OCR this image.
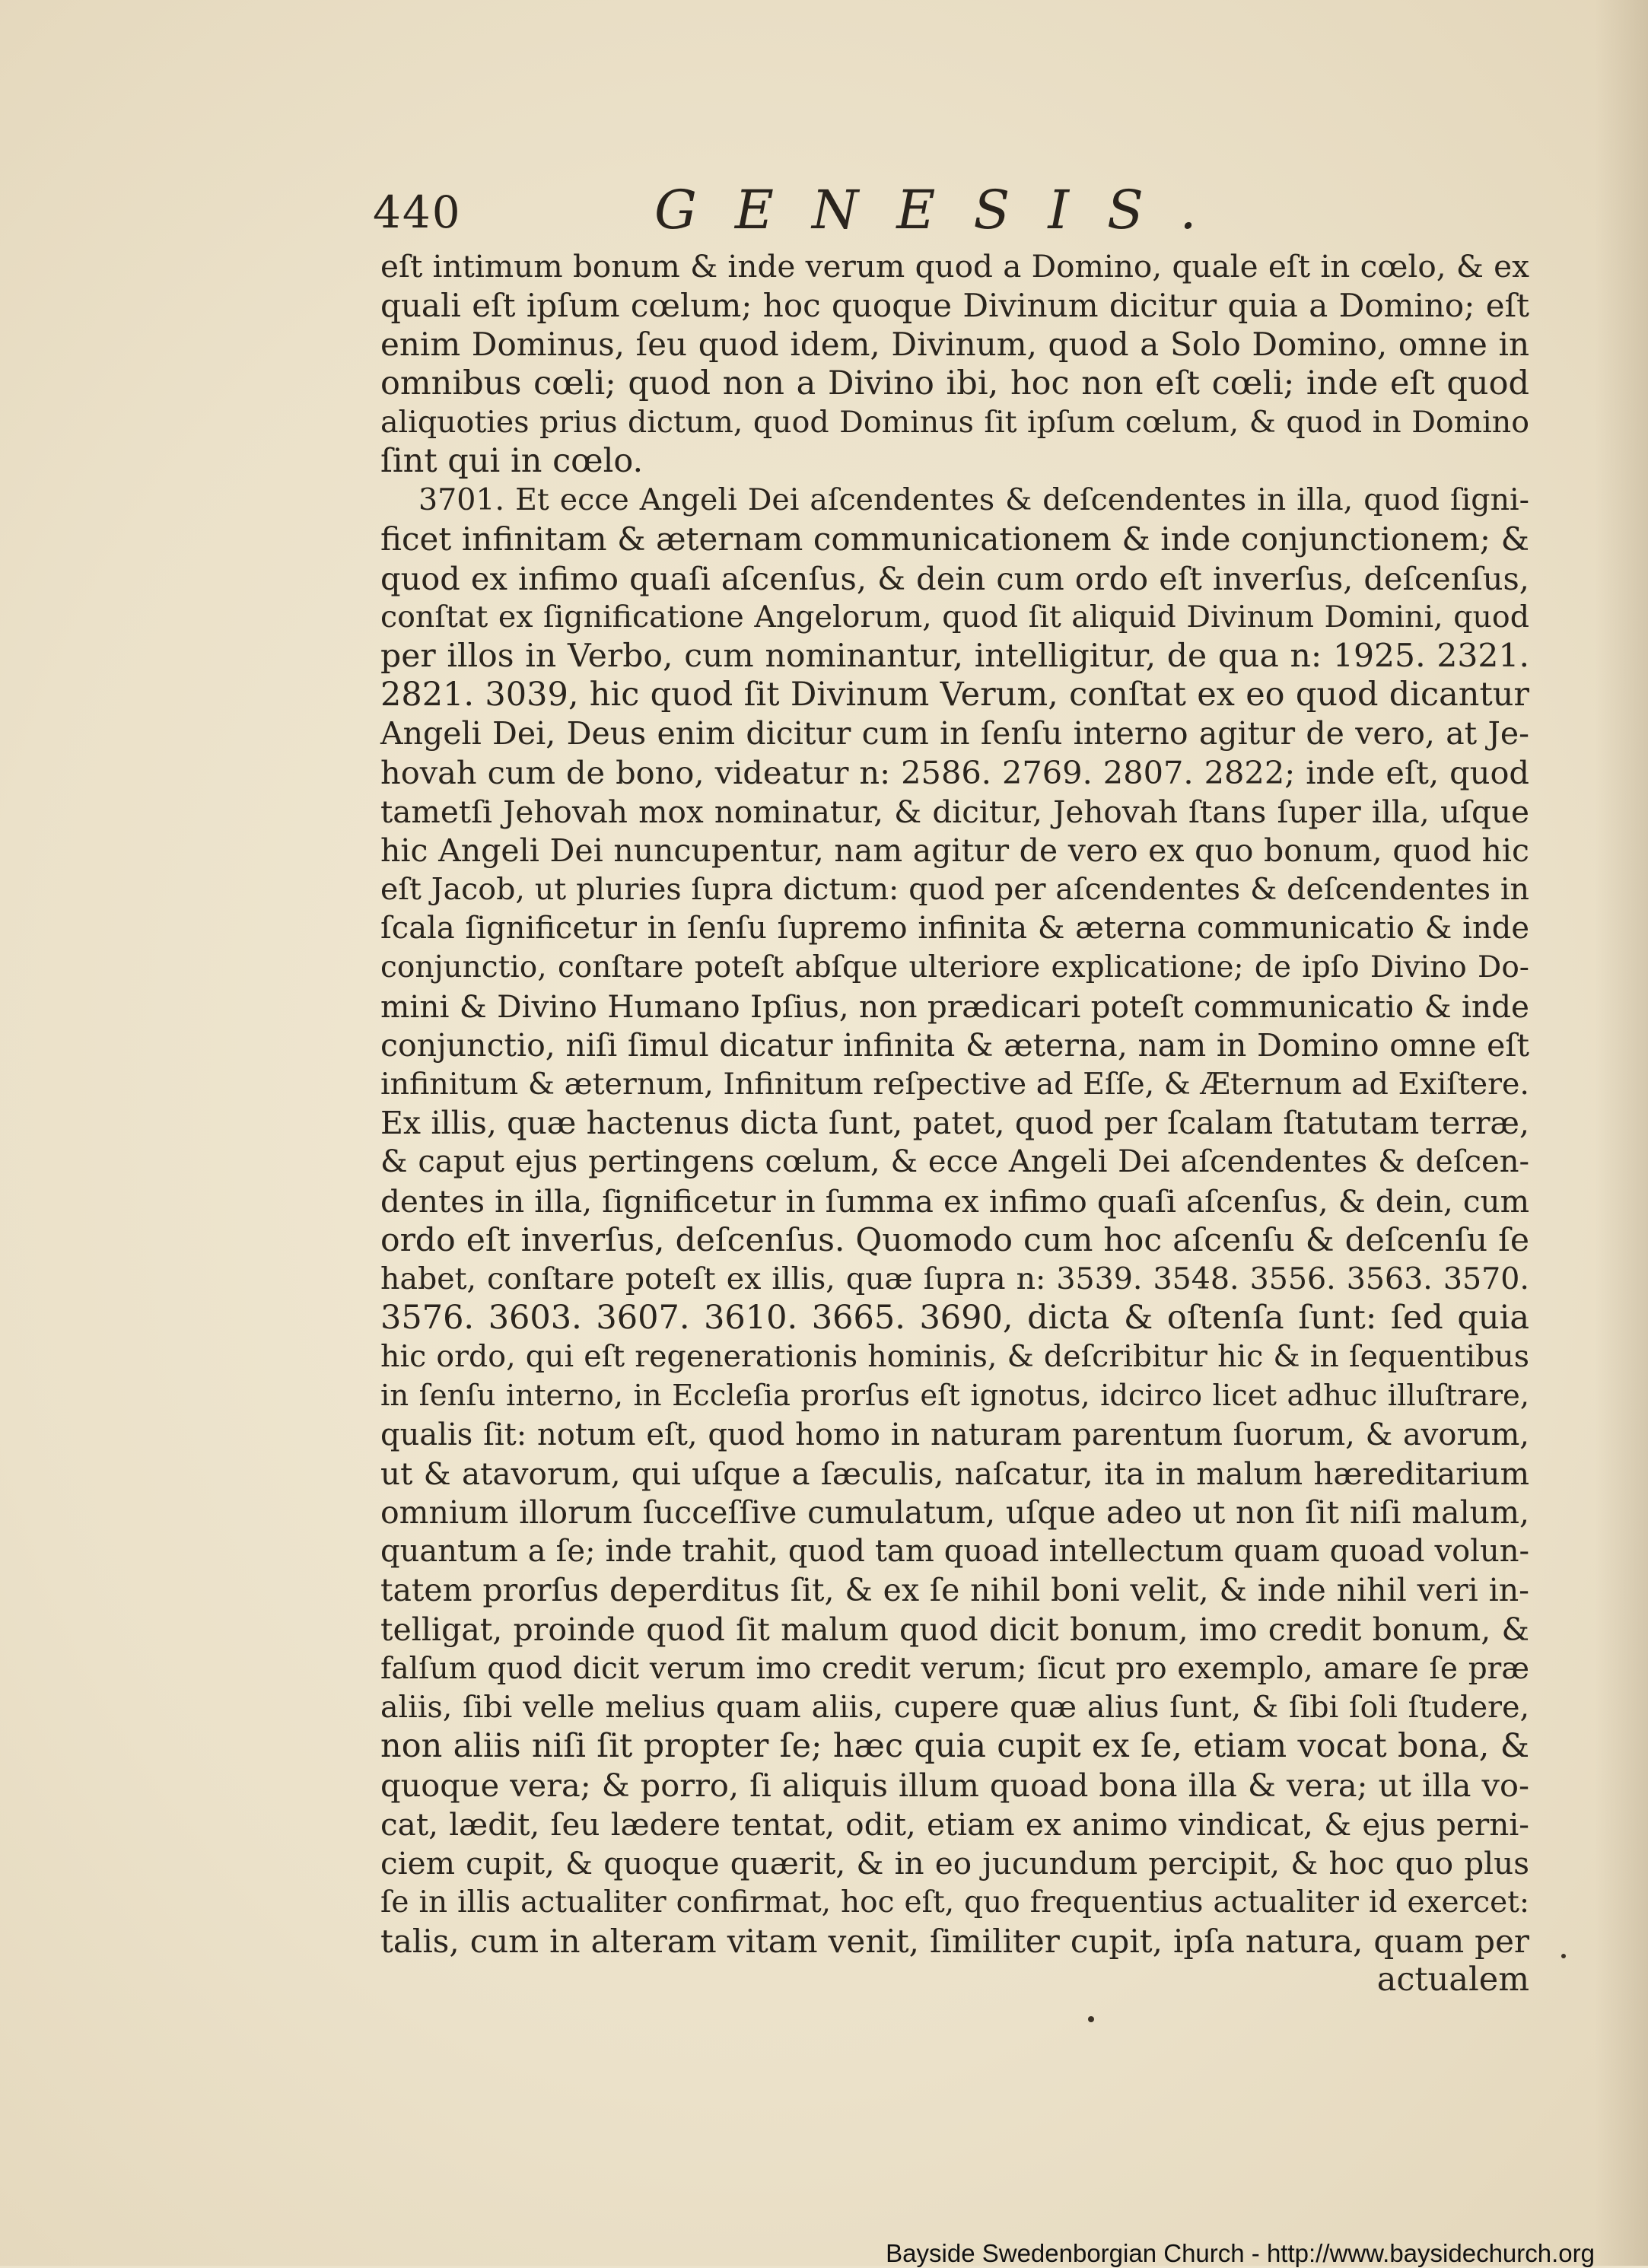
440	GENESIS.
eſt intimum bonum & inde verum quod a Domino, quale eſt in cœlo, & ex
quali eſt ipſum cœlum; hoc quoque Divinum dicitur quia a Domino; eſt
enim Dominus, ſeu quod idem, Divinum, quod a Solo Domino, omne in
omnibus cœli; quod non a Divino ibi, hoc non eſt cœli; inde eſt quod
aliquoties prius dictum, quod Dominus ſit ipſum cœlum, & quod in Domino
ſint qui in cœlo.
3701. Et ecce Angeli Dei aſcendentes & deſcendentes in illa, quod ſigni-
ficet infinitam & æternam communicationem & inde conjunctionem; &
quod ex infimo quaſi aſcenſus, & dein cum ordo eſt inverſus, deſcenſus,
conſtat ex ſignificatione Angelorum, quod ſit aliquid Divinum Domini, quod
per illos in Verbo, cum nominantur, intelligitur, de qua n: 1925. 2321.
2821. 3039, hic quod ſit Divinum Verum, conſtat ex eo quod dicantur
Angeli Dei, Deus enim dicitur cum in ſenſu interno agitur de vero, at Je-
hovah cum de bono, videatur n: 2586. 2769. 2807. 2822; inde eſt, quod
tametſi Jehovah mox nominatur, & dicitur, Jehovah ſtans ſuper illa, uſque
hic Angeli Dei nuncupentur, nam agitur de vero ex quo bonum, quod hic
eſt Jacob, ut pluries ſupra dictum: quod per aſcendentes & deſcendentes in
ſcala ſignificetur in ſenſu ſupremo infinita & æterna communicatio & inde
conjunctio, conſtare poteſt abſque ulteriore explicatione; de ipſo Divino Do-
mini & Divino Humano Ipſius, non prædicari poteſt communicatio & inde
conjunctio, niſi ſimul dicatur infinita & æterna, nam in Domino omne eſt
infinitum & æternum, Infinitum reſpective ad Eſſe, & Æternum ad Exiſtere.
Ex illis, quæ hactenus dicta ſunt, patet, quod per ſcalam ſtatutam terræ,
& caput ejus pertingens cœlum, & ecce Angeli Dei aſcendentes & deſcen-
dentes in illa, ſignificetur in ſumma ex infimo quaſi aſcenſus, & dein, cum
ordo eſt inverſus, deſcenſus. Quomodo cum hoc aſcenſu & deſcenſu ſe
habet, conſtare poteſt ex illis, quæ ſupra n: 3539. 3548. 3556. 3563. 3570.
3576. 3603. 3607. 3610. 3665. 3690, dicta & oſtenſa ſunt: ſed quia
hic ordo, qui eſt regenerationis hominis, & deſcribitur hic & in ſequentibus
in ſenſu interno, in Eccleſia prorſus eſt ignotus, idcirco licet adhuc illuſtrare,
qualis ſit: notum eſt, quod homo in naturam parentum ſuorum, & avorum,
ut & atavorum, qui uſque a ſæculis, naſcatur, ita in malum hæreditarium
omnium illorum ſucceſſive cumulatum, uſque adeo ut non ſit niſi malum,
quantum a ſe; inde trahit, quod tam quoad intellectum quam quoad volun-
tatem prorſus deperditus ſit, & ex ſe nihil boni velit, & inde nihil veri in-
telligat, proinde quod ſit malum quod dicit bonum, imo credit bonum, &
falſum quod dicit verum imo credit verum; ſicut pro exemplo, amare ſe præ
aliis, ſibi velle melius quam aliis, cupere quæ alius ſunt, & ſibi ſoli ſtudere,
non aliis niſi ſit propter ſe; hæc quia cupit ex ſe, etiam vocat bona, &
quoque vera; & porro, ſi aliquis illum quoad bona illa & vera; ut illa vo-
cat, lædit, ſeu lædere tentat, odit, etiam ex animo vindicat, & ejus perni-
ciem cupit, & quoque quærit, & in eo jucundum percipit, & hoc quo plus
ſe in illis actualiter confirmat, hoc eſt, quo frequentius actualiter id exercet:
talis, cum in alteram vitam venit, ſimiliter cupit, ipſa natura, quam per
actualem
Bayside Swedenborgian Church - http://www.baysidechurch.org
